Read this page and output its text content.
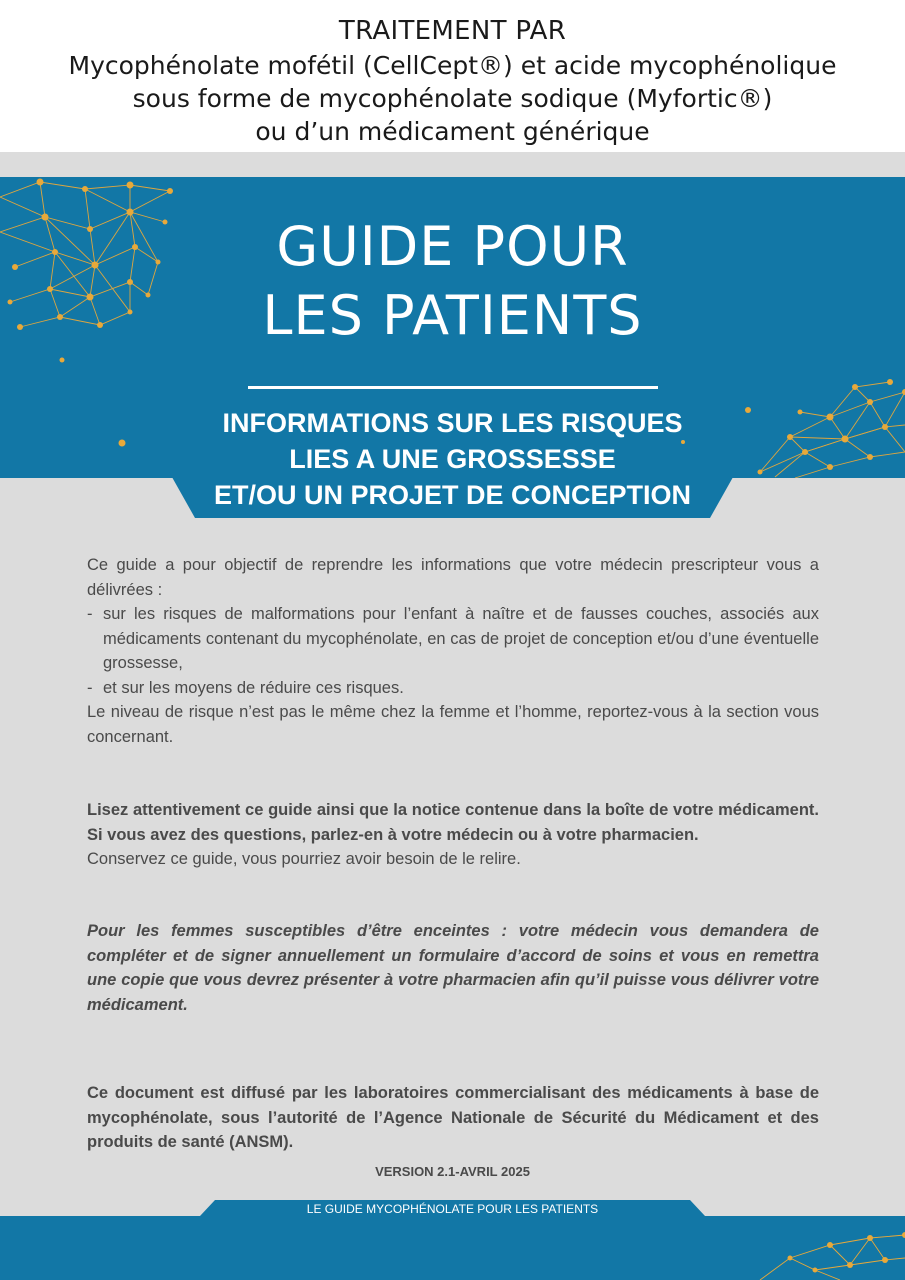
TRAITEMENT PAR
Mycophénolate mofétil (CellCept®) et acide mycophénolique
sous forme de mycophénolate sodique (Myfortic®)
ou d’un médicament générique
GUIDE POUR
LES PATIENTS
INFORMATIONS SUR LES RISQUES
LIES A UNE GROSSESSE
ET/OU UN PROJET DE CONCEPTION
Ce guide a pour objectif de reprendre les informations que votre médecin prescripteur vous a délivrées :
- sur les risques de malformations pour l’enfant à naître et de fausses couches, associés aux médicaments contenant du mycophénolate, en cas de projet de conception et/ou d’une éventuelle grossesse,
- et sur les moyens de réduire ces risques.
Le niveau de risque n’est pas le même chez la femme et l’homme, reportez-vous à la section vous concernant.
Lisez attentivement ce guide ainsi que la notice contenue dans la boîte de votre médicament. Si vous avez des questions, parlez-en à votre médecin ou à votre pharmacien.
Conservez ce guide, vous pourriez avoir besoin de le relire.
Pour les femmes susceptibles d’être enceintes : votre médecin vous demandera de compléter et de signer annuellement un formulaire d’accord de soins et vous en remettra une copie que vous devrez présenter à votre pharmacien afin qu’il puisse vous délivrer votre médicament.
Ce document est diffusé par les laboratoires commercialisant des médicaments à base de mycophénolate, sous l’autorité de l’Agence Nationale de Sécurité du Médicament et des produits de santé (ANSM).
VERSION 2.1-AVRIL 2025
LE GUIDE MYCOPHÉNOLATE POUR LES PATIENTS
